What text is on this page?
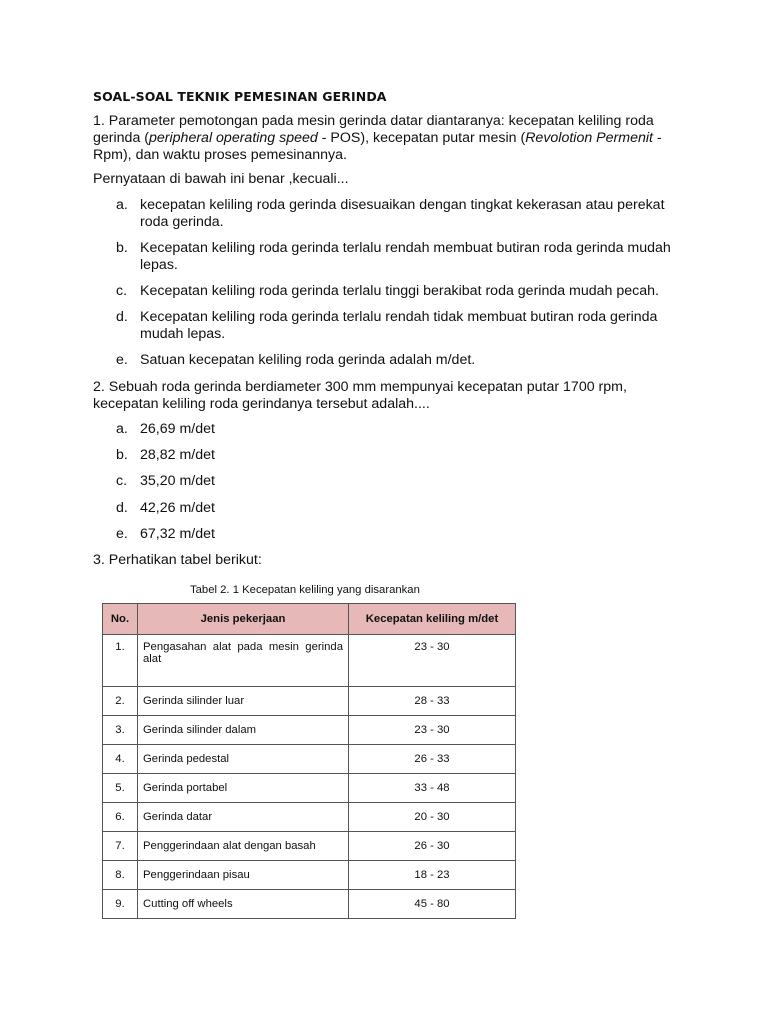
SOAL-SOAL TEKNIK PEMESINAN GERINDA
1. Parameter pemotongan pada mesin gerinda datar diantaranya: kecepatan keliling roda gerinda (peripheral operating speed - POS), kecepatan putar mesin (Revolotion Permenit - Rpm), dan waktu proses pemesinannya.
Pernyataan di bawah ini benar ,kecuali...
a. kecepatan keliling roda gerinda disesuaikan dengan tingkat kekerasan atau perekat roda gerinda.
b. Kecepatan keliling roda gerinda terlalu rendah membuat butiran roda gerinda mudah lepas.
c. Kecepatan keliling roda gerinda terlalu tinggi berakibat roda gerinda mudah pecah.
d. Kecepatan keliling roda gerinda terlalu rendah tidak membuat butiran roda gerinda mudah lepas.
e. Satuan kecepatan keliling roda gerinda adalah m/det.
2. Sebuah roda gerinda berdiameter 300 mm mempunyai kecepatan putar 1700 rpm, kecepatan keliling roda gerindanya tersebut adalah....
a. 26,69 m/det
b. 28,82 m/det
c. 35,20 m/det
d. 42,26 m/det
e. 67,32 m/det
3. Perhatikan tabel berikut:
Tabel 2. 1 Kecepatan keliling yang disarankan
No.	Jenis pekerjaan	Kecepatan keliling m/det
1.	Pengasahan alat pada mesin gerinda alat	23 - 30
2.	Gerinda silinder luar	28 - 33
3.	Gerinda silinder dalam	23 - 30
4.	Gerinda pedestal	26 - 33
5.	Gerinda portabel	33 - 48
6.	Gerinda datar	20 - 30
7.	Penggerindaan alat dengan basah	26 - 30
8.	Penggerindaan pisau	18 - 23
9.	Cutting off wheels	45 - 80
